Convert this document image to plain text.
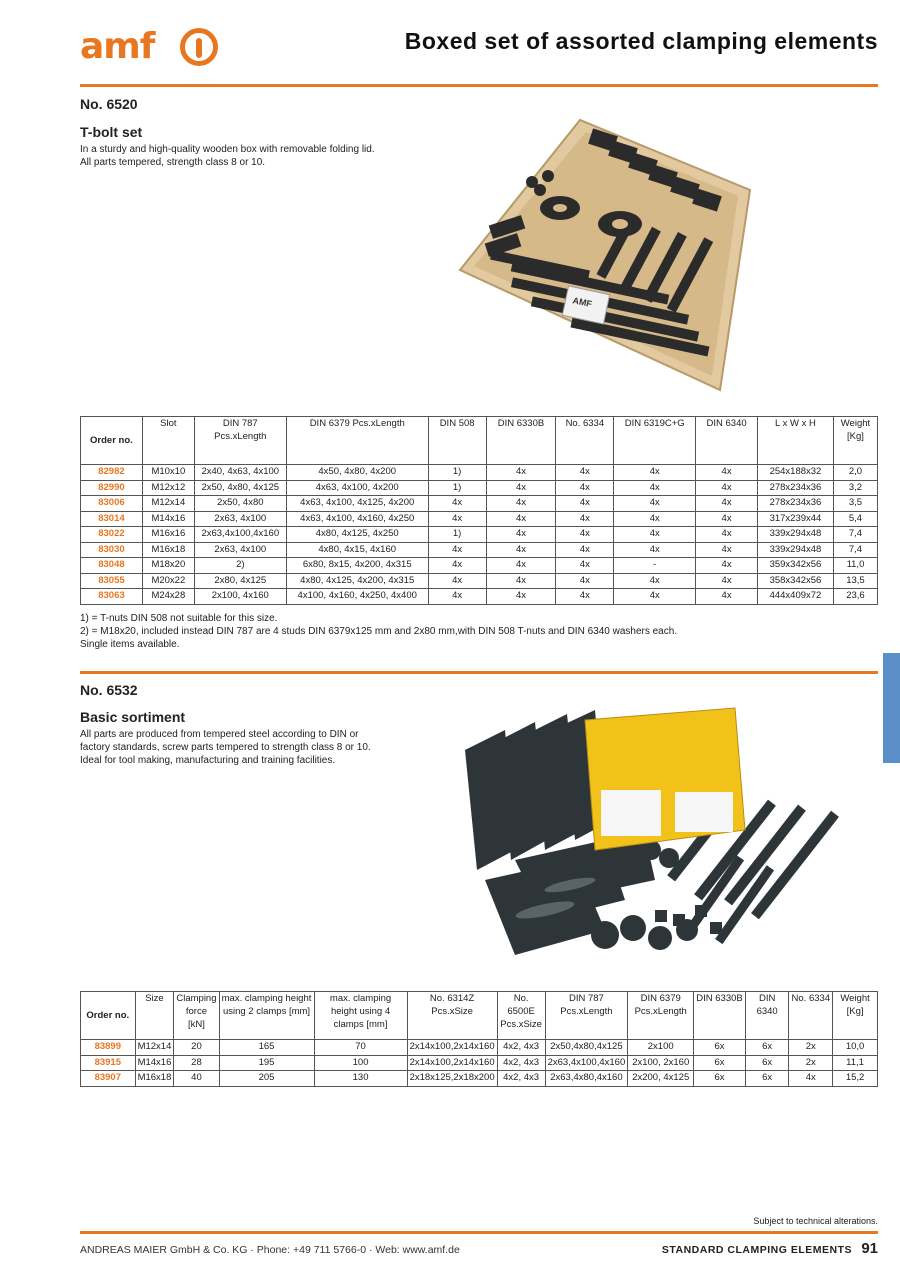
amf	Boxed set of assorted clamping elements
No. 6520
T-bolt set
In a sturdy and high-quality wooden box with removable folding lid. All parts tempered, strength class 8 or 10.
AMF
Order no.	Slot	DIN 787 Pcs.xLength	DIN 6379 Pcs.xLength	DIN 508	DIN 6330B	No. 6334	DIN 6319C+G	DIN 6340	L x W x H	Weight [Kg]
82982	M10x10	2x40, 4x63, 4x100	4x50, 4x80, 4x200	1)	4x	4x	4x	4x	254x188x32	2,0
82990	M12x12	2x50, 4x80, 4x125	4x63, 4x100, 4x200	1)	4x	4x	4x	4x	278x234x36	3,2
83006	M12x14	2x50, 4x80	4x63, 4x100, 4x125, 4x200	4x	4x	4x	4x	4x	278x234x36	3,5
83014	M14x16	2x63, 4x100	4x63, 4x100, 4x160, 4x250	4x	4x	4x	4x	4x	317x239x44	5,4
83022	M16x16	2x63,4x100,4x160	4x80, 4x125, 4x250	1)	4x	4x	4x	4x	339x294x48	7,4
83030	M16x18	2x63, 4x100	4x80, 4x15, 4x160	4x	4x	4x	4x	4x	339x294x48	7,4
83048	M18x20	2)	6x80, 8x15, 4x200, 4x315	4x	4x	4x	-	4x	359x342x56	11,0
83055	M20x22	2x80, 4x125	4x80, 4x125, 4x200, 4x315	4x	4x	4x	4x	4x	358x342x56	13,5
83063	M24x28	2x100, 4x160	4x100, 4x160, 4x250, 4x400	4x	4x	4x	4x	4x	444x409x72	23,6
1) = T-nuts DIN 508 not suitable for this size.
2) = M18x20, included instead DIN 787 are 4 studs DIN 6379x125 mm and 2x80 mm,with DIN 508 T-nuts and DIN 6340 washers each.
Single items available.
No. 6532
Basic sortiment
All parts are produced from tempered steel according to DIN or factory standards, screw parts tempered to strength class 8 or 10. Ideal for tool making, manufacturing and training facilities.
Order no.	Size	Clamping force [kN]	max. clamping height using 2 clamps [mm]	max. clamping height using 4 clamps [mm]	No. 6314Z Pcs.xSize	No. 6500E Pcs.xSize	DIN 787 Pcs.xLength	DIN 6379 Pcs.xLength	DIN 6330B	DIN 6340	No. 6334	Weight [Kg]
83899	M12x14	20	165	70	2x14x100,2x14x160	4x2, 4x3	2x50,4x80,4x125	2x100	6x	6x	2x	10,0
83915	M14x16	28	195	100	2x14x100,2x14x160	4x2, 4x3	2x63,4x100,4x160	2x100, 2x160	6x	6x	2x	11,1
83907	M16x18	40	205	130	2x18x125,2x18x200	4x2, 4x3	2x63,4x80,4x160	2x200, 4x125	6x	6x	4x	15,2
Subject to technical alterations.
ANDREAS MAIER GmbH & Co. KG · Phone: +49 711 5766-0 · Web: www.amf.de	STANDARD CLAMPING ELEMENTS 91
